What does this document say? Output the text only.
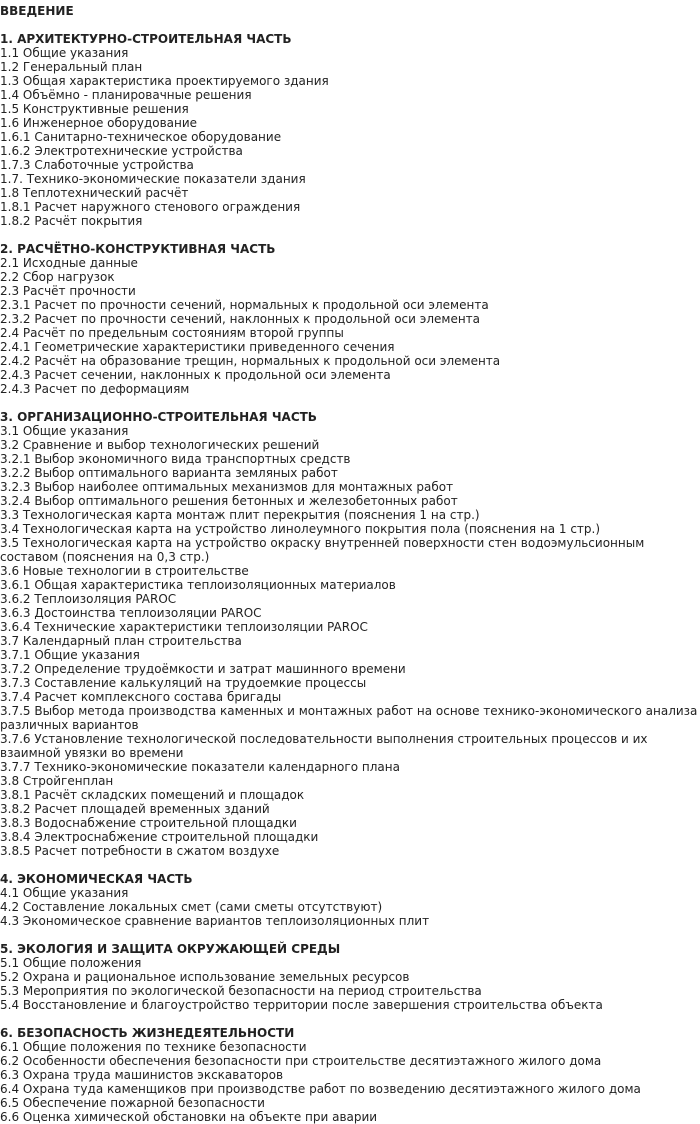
ВВЕДЕНИЕ
1. АРХИТЕКТУРНО-СТРОИТЕЛЬНАЯ ЧАСТЬ
1.1 Общие указания
1.2 Генеральный план
1.3 Общая характеристика проектируемого здания
1.4 Объёмно - планировачные решения
1.5 Конструктивные решения
1.6 Инженерное оборудование
1.6.1 Санитарно-техническое оборудование
1.6.2 Электротехнические устройства
1.7.3 Слаботочные устройства
1.7. Технико-экономические показатели здания
1.8 Теплотехнический расчёт
1.8.1 Расчет наружного стенового ограждения
1.8.2 Расчёт покрытия
2. РАСЧЁТНО-КОНСТРУКТИВНАЯ ЧАСТЬ
2.1 Исходные данные
2.2 Сбор нагрузок
2.3 Расчёт прочности
2.3.1 Расчет по прочности сечений, нормальных к продольной оси элемента
2.3.2 Расчет по прочности сечений, наклонных к продольной оси элемента
2.4 Расчёт по предельным состояниям второй группы
2.4.1 Геометрические характеристики приведенного сечения
2.4.2 Расчёт на образование трещин, нормальных к продольной оси элемента
2.4.3 Расчет сечении, наклонных к продольной оси элемента
2.4.3 Расчет по деформациям
3. ОРГАНИЗАЦИОННО-СТРОИТЕЛЬНАЯ ЧАСТЬ
3.1 Общие указания
3.2 Сравнение и выбор технологических решений
3.2.1 Выбор экономичного вида транспортных средств
3.2.2 Выбор оптимального варианта земляных работ
3.2.3 Выбор наиболее оптимальных механизмов для монтажных работ
3.2.4 Выбор оптимального решения бетонных и железобетонных работ
3.3 Технологическая карта монтаж плит перекрытия (пояснения 1 на стр.)
3.4 Технологическая карта на устройство линолеумного покрытия пола (пояснения на 1 стр.)
3.5 Технологическая карта на устройство окраску внутренней поверхности стен водоэмульсионным составом (пояснения на 0,3 стр.)
3.6 Новые технологии в строительстве
3.6.1 Общая характеристика теплоизоляционных материалов
3.6.2 Теплоизоляция PAROC
3.6.3 Достоинства теплоизоляции PAROC
3.6.4 Технические характеристики теплоизоляции PAROC
3.7 Календарный план строительства
3.7.1 Общие указания
3.7.2 Определение трудоёмкости и затрат машинного времени
3.7.3 Составление калькуляций на трудоемкие процессы
3.7.4 Расчет комплексного состава бригады
3.7.5 Выбор метода производства каменных и монтажных работ на основе технико-экономического анализа различных вариантов
3.7.6 Установление технологической последовательности выполнения строительных процессов и их взаимной увязки во времени
3.7.7 Технико-экономические показатели календарного плана
3.8 Стройгенплан
3.8.1 Расчёт складских помещений и площадок
3.8.2 Расчет площадей временных зданий
3.8.3 Водоснабжение строительной площадки
3.8.4 Электроснабжение строительной площадки
3.8.5 Расчет потребности в сжатом воздухе
4. ЭКОНОМИЧЕСКАЯ ЧАСТЬ
4.1 Общие указания
4.2 Составление локальных смет (сами сметы отсутствуют)
4.3 Экономическое сравнение вариантов теплоизоляционных плит
5. ЭКОЛОГИЯ И ЗАЩИТА ОКРУЖАЮЩЕЙ СРЕДЫ
5.1 Общие положения
5.2 Охрана и рациональное использование земельных ресурсов
5.3 Мероприятия по экологической безопасности на период строительства
5.4 Восстановление и благоустройство территории после завершения строительства объекта
6. БЕЗОПАСНОСТЬ ЖИЗНЕДЕЯТЕЛЬНОСТИ
6.1 Общие положения по технике безопасности
6.2 Особенности обеспечения безопасности при строительстве десятиэтажного жилого дома
6.3 Охрана труда машинистов экскаваторов
6.4 Охрана туда каменщиков при производстве работ по возведению десятиэтажного жилого дома
6.5 Обеспечение пожарной безопасности
6.6 Оценка химической обстановки на объекте при аварии
